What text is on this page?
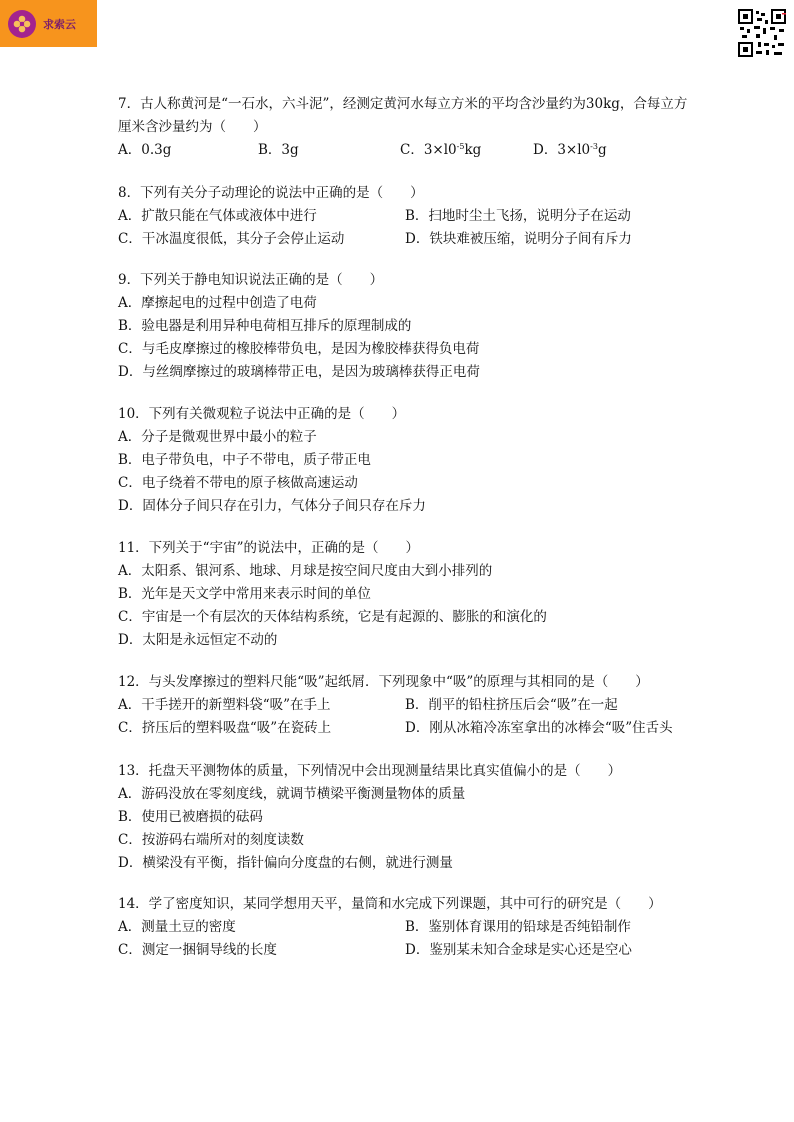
求索云
7．古人称黄河是“一石水，六斗泥”，经测定黄河水每立方米的平均含沙量约为30kg，合每立方厘米含沙量约为（　　）
A．0.3g	B．3g	C．$3\times l0^{-5}kg$	D．$3\times l0^{-3}g$
8．下列有关分子动理论的说法中正确的是（　　）
A．扩散只能在气体或液体中进行	B．扫地时尘土飞扬，说明分子在运动
C．干冰温度很低，其分子会停止运动	D．铁块难被压缩，说明分子间有斥力
9．下列关于静电知识说法正确的是（　　）
A．摩擦起电的过程中创造了电荷
B．验电器是利用异种电荷相互排斥的原理制成的
C．与毛皮摩擦过的橡胶棒带负电，是因为橡胶棒获得负电荷
D．与丝绸摩擦过的玻璃棒带正电，是因为玻璃棒获得正电荷
10．下列有关微观粒子说法中正确的是（　　）
A．分子是微观世界中最小的粒子
B．电子带负电，中子不带电，质子带正电
C．电子绕着不带电的原子核做高速运动
D．固体分子间只存在引力，气体分子间只存在斥力
11．下列关于“宇宙”的说法中，正确的是（　　）
A．太阳系、银河系、地球、月球是按空间尺度由大到小排列的
B．光年是天文学中常用来表示时间的单位
C．宇宙是一个有层次的天体结构系统，它是有起源的、膨胀的和演化的
D．太阳是永远恒定不动的
12．与头发摩擦过的塑料尺能“吸”起纸屑．下列现象中“吸”的原理与其相同的是（　　）
A．干手搓开的新塑料袋“吸”在手上	B．削平的铅柱挤压后会“吸”在一起
C．挤压后的塑料吸盘“吸”在瓷砖上	D．刚从冰箱冷冻室拿出的冰棒会“吸”住舌头
13．托盘天平测物体的质量，下列情况中会出现测量结果比真实值偏小的是（　　）
A．游码没放在零刻度线，就调节横梁平衡测量物体的质量
B．使用已被磨损的砝码
C．按游码右端所对的刻度读数
D．横梁没有平衡，指针偏向分度盘的右侧，就进行测量
14．学了密度知识，某同学想用天平，量筒和水完成下列课题，其中可行的研究是（　　）
A．测量土豆的密度	B．鉴别体育课用的铅球是否纯铅制作
C．测定一捆铜导线的长度	D．鉴别某未知合金球是实心还是空心
